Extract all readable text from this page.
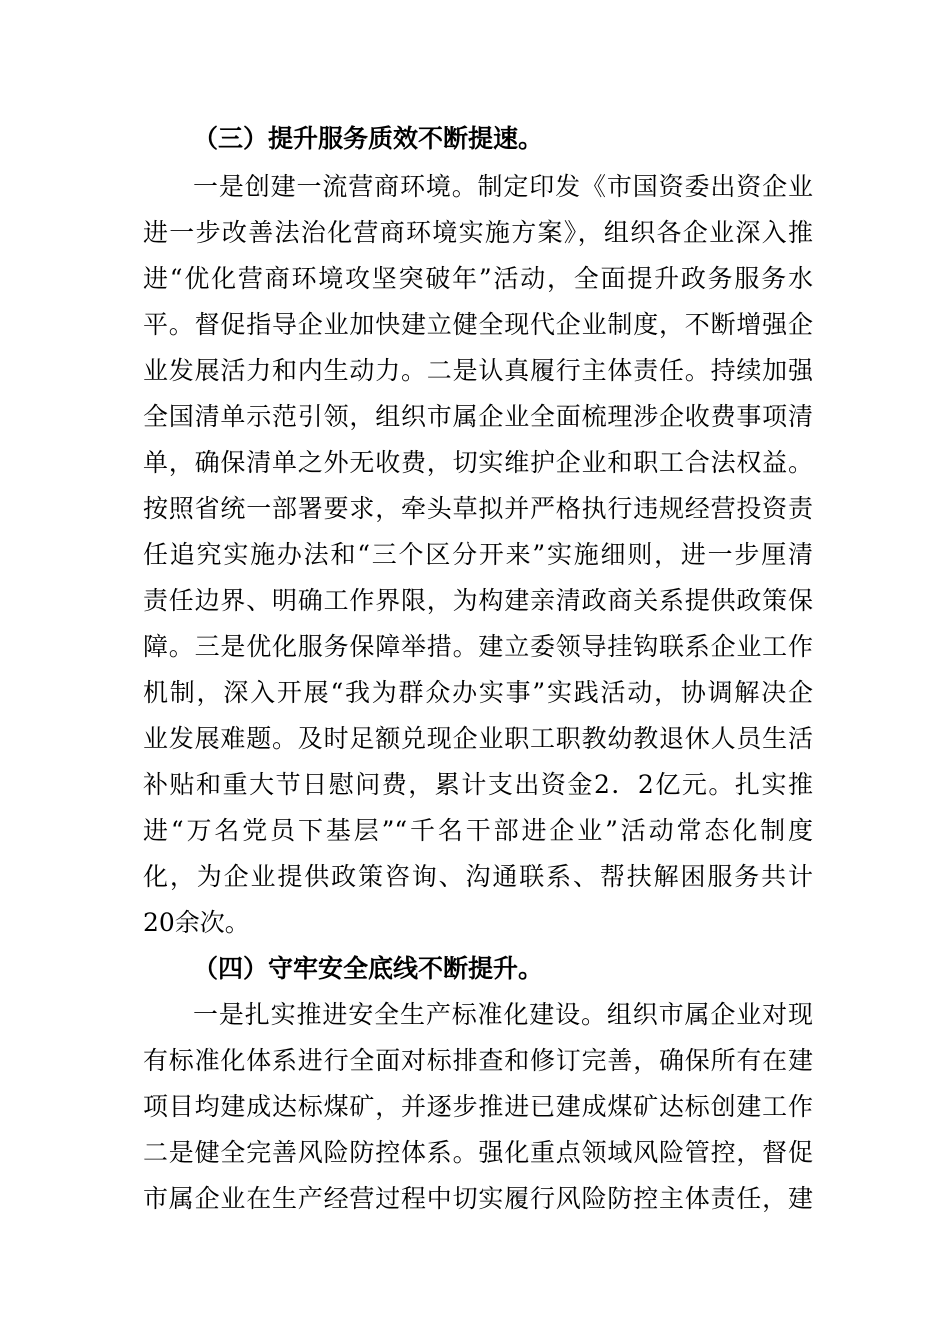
（三）提升服务质效不断提速。
一是创建一流营商环境。制定印发《市国资委出资企业
进一步改善法治化营商环境实施方案》，组织各企业深入推
进“优化营商环境攻坚突破年”活动，全面提升政务服务水
平。督促指导企业加快建立健全现代企业制度，不断增强企
业发展活力和内生动力。二是认真履行主体责任。持续加强
全国清单示范引领，组织市属企业全面梳理涉企收费事项清
单，确保清单之外无收费，切实维护企业和职工合法权益。
按照省统一部署要求，牵头草拟并严格执行违规经营投资责
任追究实施办法和“三个区分开来”实施细则，进一步厘清
责任边界、明确工作界限，为构建亲清政商关系提供政策保
障。三是优化服务保障举措。建立委领导挂钩联系企业工作
机制，深入开展“我为群众办实事”实践活动，协调解决企
业发展难题。及时足额兑现企业职工职教幼教退休人员生活
补贴和重大节日慰问费，累计支出资金2．2亿元。扎实推
进“万名党员下基层”“千名干部进企业”活动常态化制度
化，为企业提供政策咨询、沟通联系、帮扶解困服务共计
20余次。
（四）守牢安全底线不断提升。
一是扎实推进安全生产标准化建设。组织市属企业对现
有标准化体系进行全面对标排查和修订完善，确保所有在建
项目均建成达标煤矿，并逐步推进已建成煤矿达标创建工作
二是健全完善风险防控体系。强化重点领域风险管控，督促
市属企业在生产经营过程中切实履行风险防控主体责任，建
